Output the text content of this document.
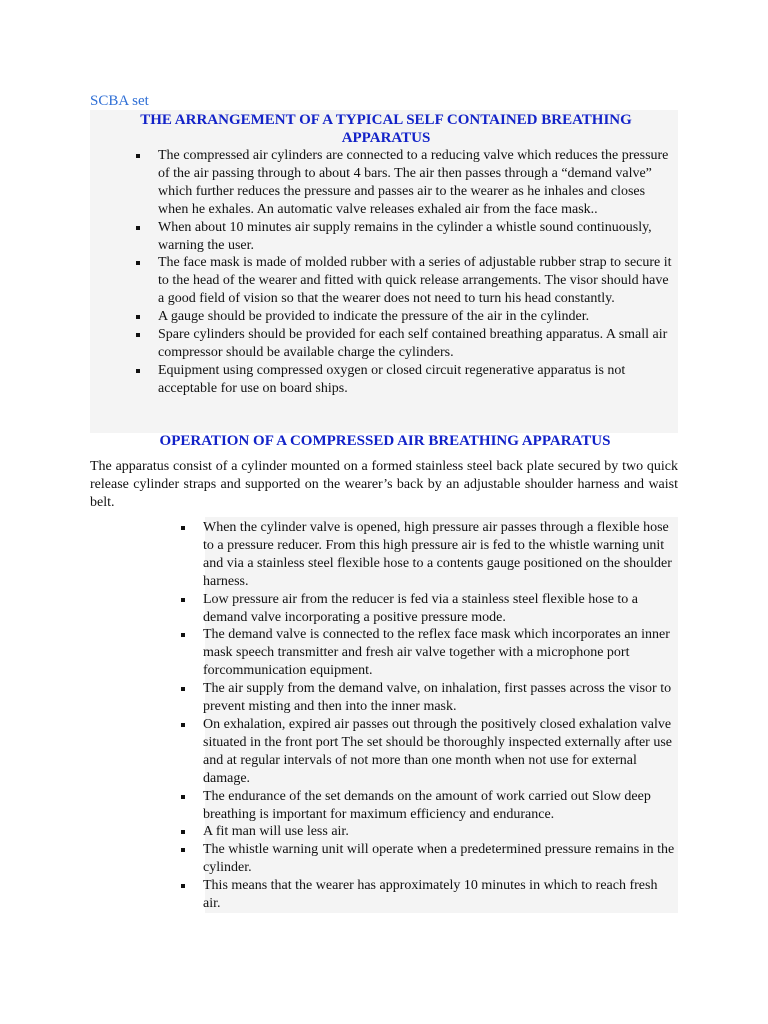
SCBA set
THE ARRANGEMENT OF A TYPICAL SELF CONTAINED BREATHING APPARATUS
The compressed air cylinders are connected to a reducing valve which reduces the pressure of the air passing through to about 4 bars. The air then passes through a “demand valve” which further reduces the pressure and passes air to the wearer as he inhales and closes when he exhales. An automatic valve releases exhaled air from the face mask..
When about 10 minutes air supply remains in the cylinder a whistle sound continuously, warning the user.
The face mask is made of molded rubber with a series of adjustable rubber strap to secure it to the head of the wearer and fitted with quick release arrangements. The visor should have a good field of vision so that the wearer does not need to turn his head constantly.
A gauge should be provided to indicate the pressure of the air in the cylinder.
Spare cylinders should be provided for each self contained breathing apparatus. A small air compressor should be available charge the cylinders.
Equipment using compressed oxygen or closed circuit regenerative apparatus is not acceptable for use on board ships.
OPERATION OF A COMPRESSED AIR BREATHING APPARATUS

The apparatus consist of a cylinder mounted on a formed stainless steel back plate secured by two quick release cylinder straps and supported on the wearer’s back by an adjustable shoulder harness and waist belt.

When the cylinder valve is opened, high pressure air passes through a flexible hose to a pressure reducer. From this high pressure air is fed to the whistle warning unit and via a stainless steel flexible hose to a contents gauge positioned on the shoulder harness.
Low pressure air from the reducer is fed via a stainless steel flexible hose to a demand valve incorporating a positive pressure mode.
The demand valve is connected to the reflex face mask which incorporates an inner mask speech transmitter and fresh air valve together with a microphone port forcommunication equipment.
The air supply from the demand valve, on inhalation, first passes across the visor to prevent misting and then into the inner mask.
On exhalation, expired air passes out through the positively closed exhalation valve situated in the front port The set should be thoroughly inspected externally after use and at regular intervals of not more than one month when not use for external damage.
The endurance of the set demands on the amount of work carried out Slow deep breathing is important for maximum efficiency and endurance.
A fit man will use less air.
The whistle warning unit will operate when a predetermined pressure remains in the cylinder.
This means that the wearer has approximately 10 minutes in which to reach fresh air.
